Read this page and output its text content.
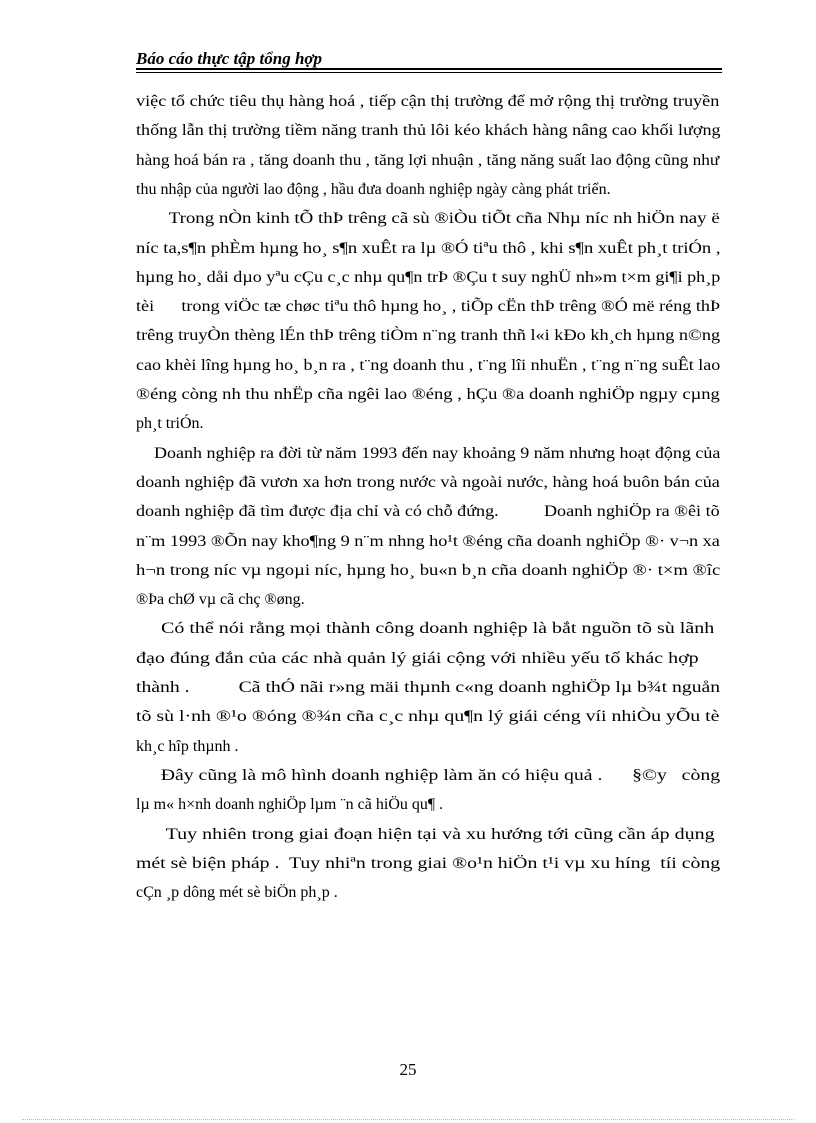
Báo cáo thực tập tổng hợp
việc tổ chức tiêu thụ hàng hoá , tiếp cận thị trường để mở rộng thị trường truyền
thống lẫn thị trường tiềm năng tranh thủ lôi kéo khách hàng nâng cao khối lượng
hàng hoá bán ra , tăng doanh thu , tăng lợi nhuận , tăng năng suất lao động cũng như
thu nhập của người lao động , hầu đưa doanh nghiệp ngày càng phát triển.
Trong nÒn kinh tÕ thÞ trêng cã sù ®iÒu tiÕt cña Nhµ níc nh hiÖn nay ë
níc ta,s¶n phÈm hµng ho¸ s¶n xuÊt ra lµ ®Ó tiªu thô , khi s¶n xuÊt ph¸t triÓn ,
hµng ho¸ dåi dµo yªu cÇu c¸c nhµ qu¶n trÞ ®Çu t suy nghÜ nh»m t×m gi¶i ph¸p
tèi      trong viÖc tæ chøc tiªu thô hµng ho¸ , tiÕp cËn thÞ trêng ®Ó më réng thÞ
trêng truyÒn thèng lÉn thÞ trêng tiÒm n¨ng tranh thñ l«i kÐo kh¸ch hµng n©ng
cao khèi lîng hµng ho¸ b¸n ra , t¨ng doanh thu , t¨ng lîi nhuËn , t¨ng n¨ng suÊt lao
®éng còng nh thu nhËp cña ngêi lao ®éng , hÇu ®a doanh nghiÖp ngµy cµng
ph¸t triÓn.
Doanh nghiệp ra đời từ năm 1993 đến nay khoảng 9 năm nhưng hoạt động của
doanh nghiệp đã vươn xa hơn trong nước và ngoài nước, hàng hoá buôn bán của
doanh nghiệp đã tìm được địa chỉ và có chỗ đứng.          Doanh nghiÖp ra ®êi tõ
n¨m 1993 ®Õn nay kho¶ng 9 n¨m nhng ho¹t ®éng cña doanh nghiÖp ®· v¬n xa
h¬n trong níc vµ ngoµi níc, hµng ho¸ bu«n b¸n cña doanh nghiÖp ®· t×m ®îc
®Þa chØ vµ cã chç ®øng.
Có thể nói rằng mọi thành công doanh nghiệp là bắt nguồn tõ sù lãnh
đạo đúng đắn của các nhà quản lý giái cộng với nhiều yếu tố khác hợp
thành .          Cã thÓ nãi r»ng mäi thµnh c«ng doanh nghiÖp lµ b¾t nguån
tõ sù l·nh ®¹o ®óng ®¾n cña c¸c nhµ qu¶n lý giái céng víi nhiÒu yÕu tè
kh¸c hîp thµnh .
Đây cũng là mô hình doanh nghiệp làm ăn có hiệu quả .      §©y   còng
lµ m« h×nh doanh nghiÖp lµm ¨n cã hiÖu qu¶ .
Tuy nhiên trong giai đoạn hiện tại và xu hướng tới cũng cần áp dụng
mét sè biện pháp .  Tuy nhiªn trong giai ®o¹n hiÖn t¹i vµ xu híng  tíi còng
cÇn ¸p dông mét sè biÖn ph¸p .
25
